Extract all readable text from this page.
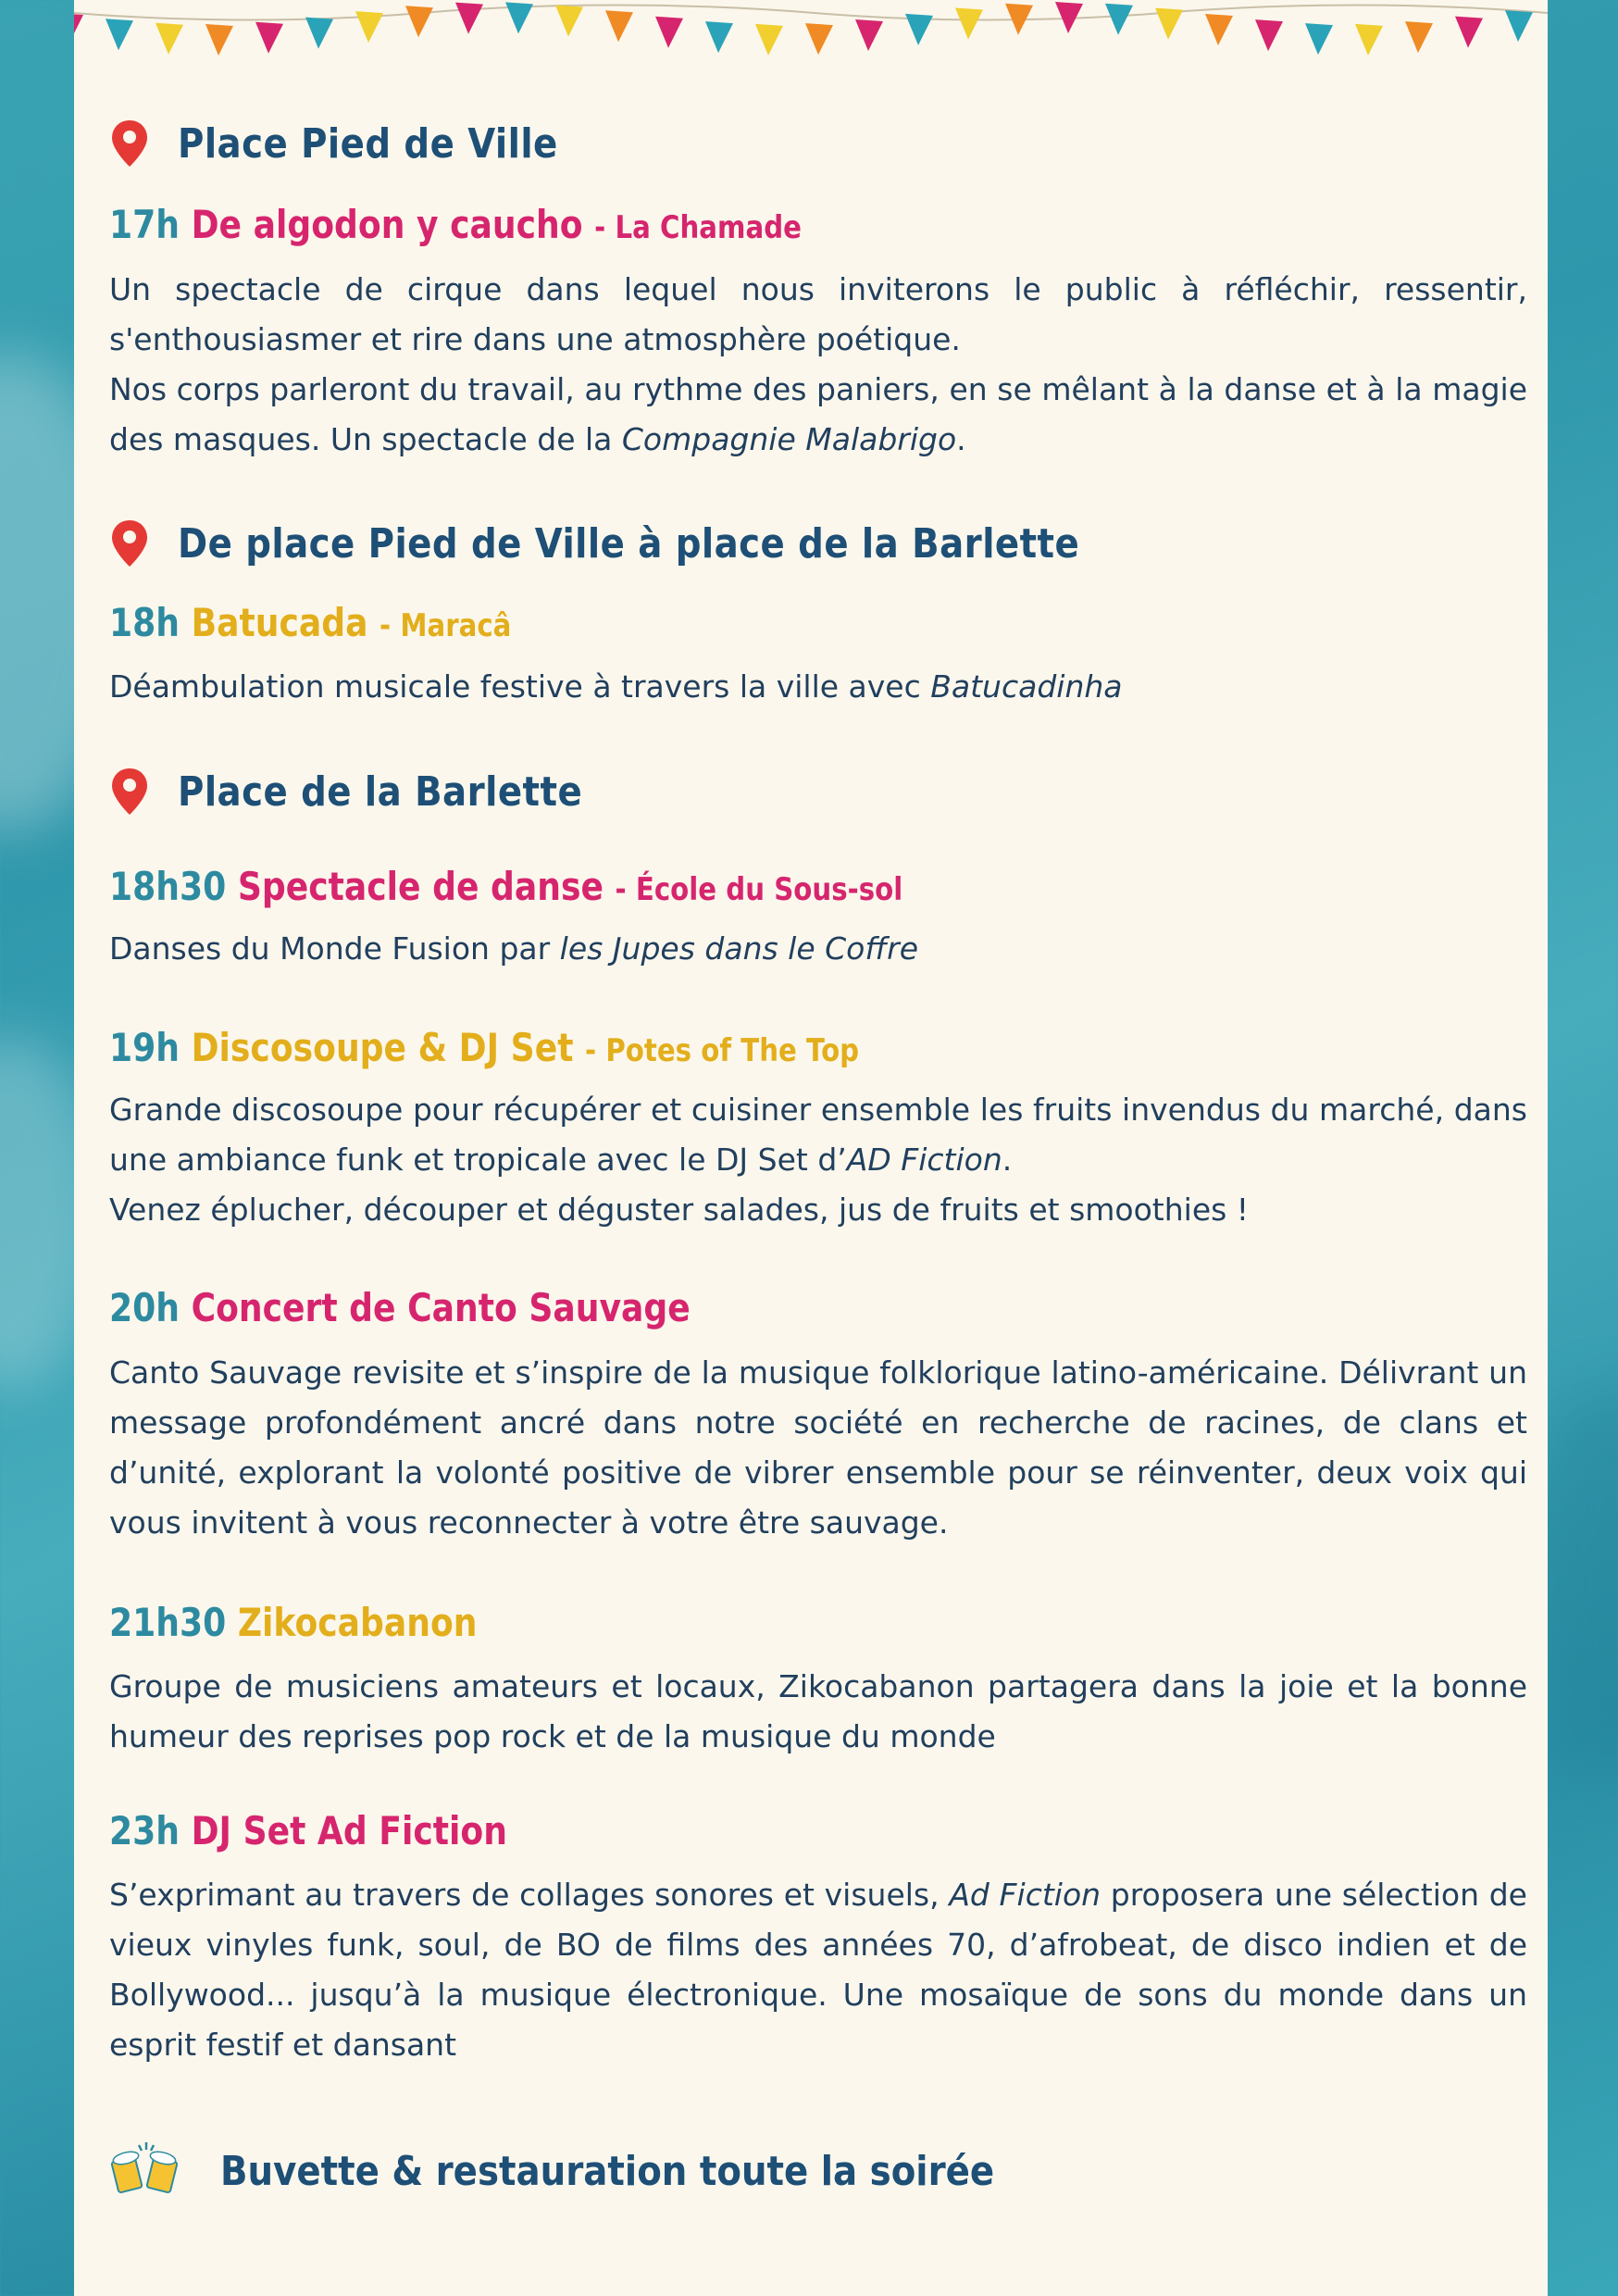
Place Pied de Ville
17h De algodon y caucho - La Chamade

Un spectacle de cirque dans lequel nous inviterons le public à réfléchir, ressentir, s'enthousiasmer et rire dans une atmosphère poétique.

Nos corps parleront du travail, au rythme des paniers, en se mêlant à la danse et à la magie des masques. Un spectacle de la Compagnie Malabrigo.

De place Pied de Ville à place de la Barlette
18h Batucada - Maracâ

Déambulation musicale festive à travers la ville avec Batucadinha

Place de la Barlette
18h30 Spectacle de danse - École du Sous-sol

Danses du Monde Fusion par les Jupes dans le Coffre

19h Discosoupe & DJ Set - Potes of The Top

Grande discosoupe pour récupérer et cuisiner ensemble les fruits invendus du marché, dans une ambiance funk et tropicale avec le DJ Set d’AD Fiction.

Venez éplucher, découper et déguster salades, jus de fruits et smoothies !

20h Concert de Canto Sauvage

Canto Sauvage revisite et s’inspire de la musique folklorique latino-américaine. Délivrant un message profondément ancré dans notre société en recherche de racines, de clans et d’unité, explorant la volonté positive de vibrer ensemble pour se réinventer, deux voix qui vous invitent à vous reconnecter à votre être sauvage.

21h30 Zikocabanon

Groupe de musiciens amateurs et locaux, Zikocabanon partagera dans la joie et la bonne humeur des reprises pop rock et de la musique du monde

23h DJ Set Ad Fiction

S’exprimant au travers de collages sonores et visuels, Ad Fiction proposera une sélection de vieux vinyles funk, soul, de BO de films des années 70, d’afrobeat, de disco indien et de Bollywood... jusqu’à la musique électronique. Une mosaïque de sons du monde dans un esprit festif et dansant

Buvette & restauration toute la soirée
